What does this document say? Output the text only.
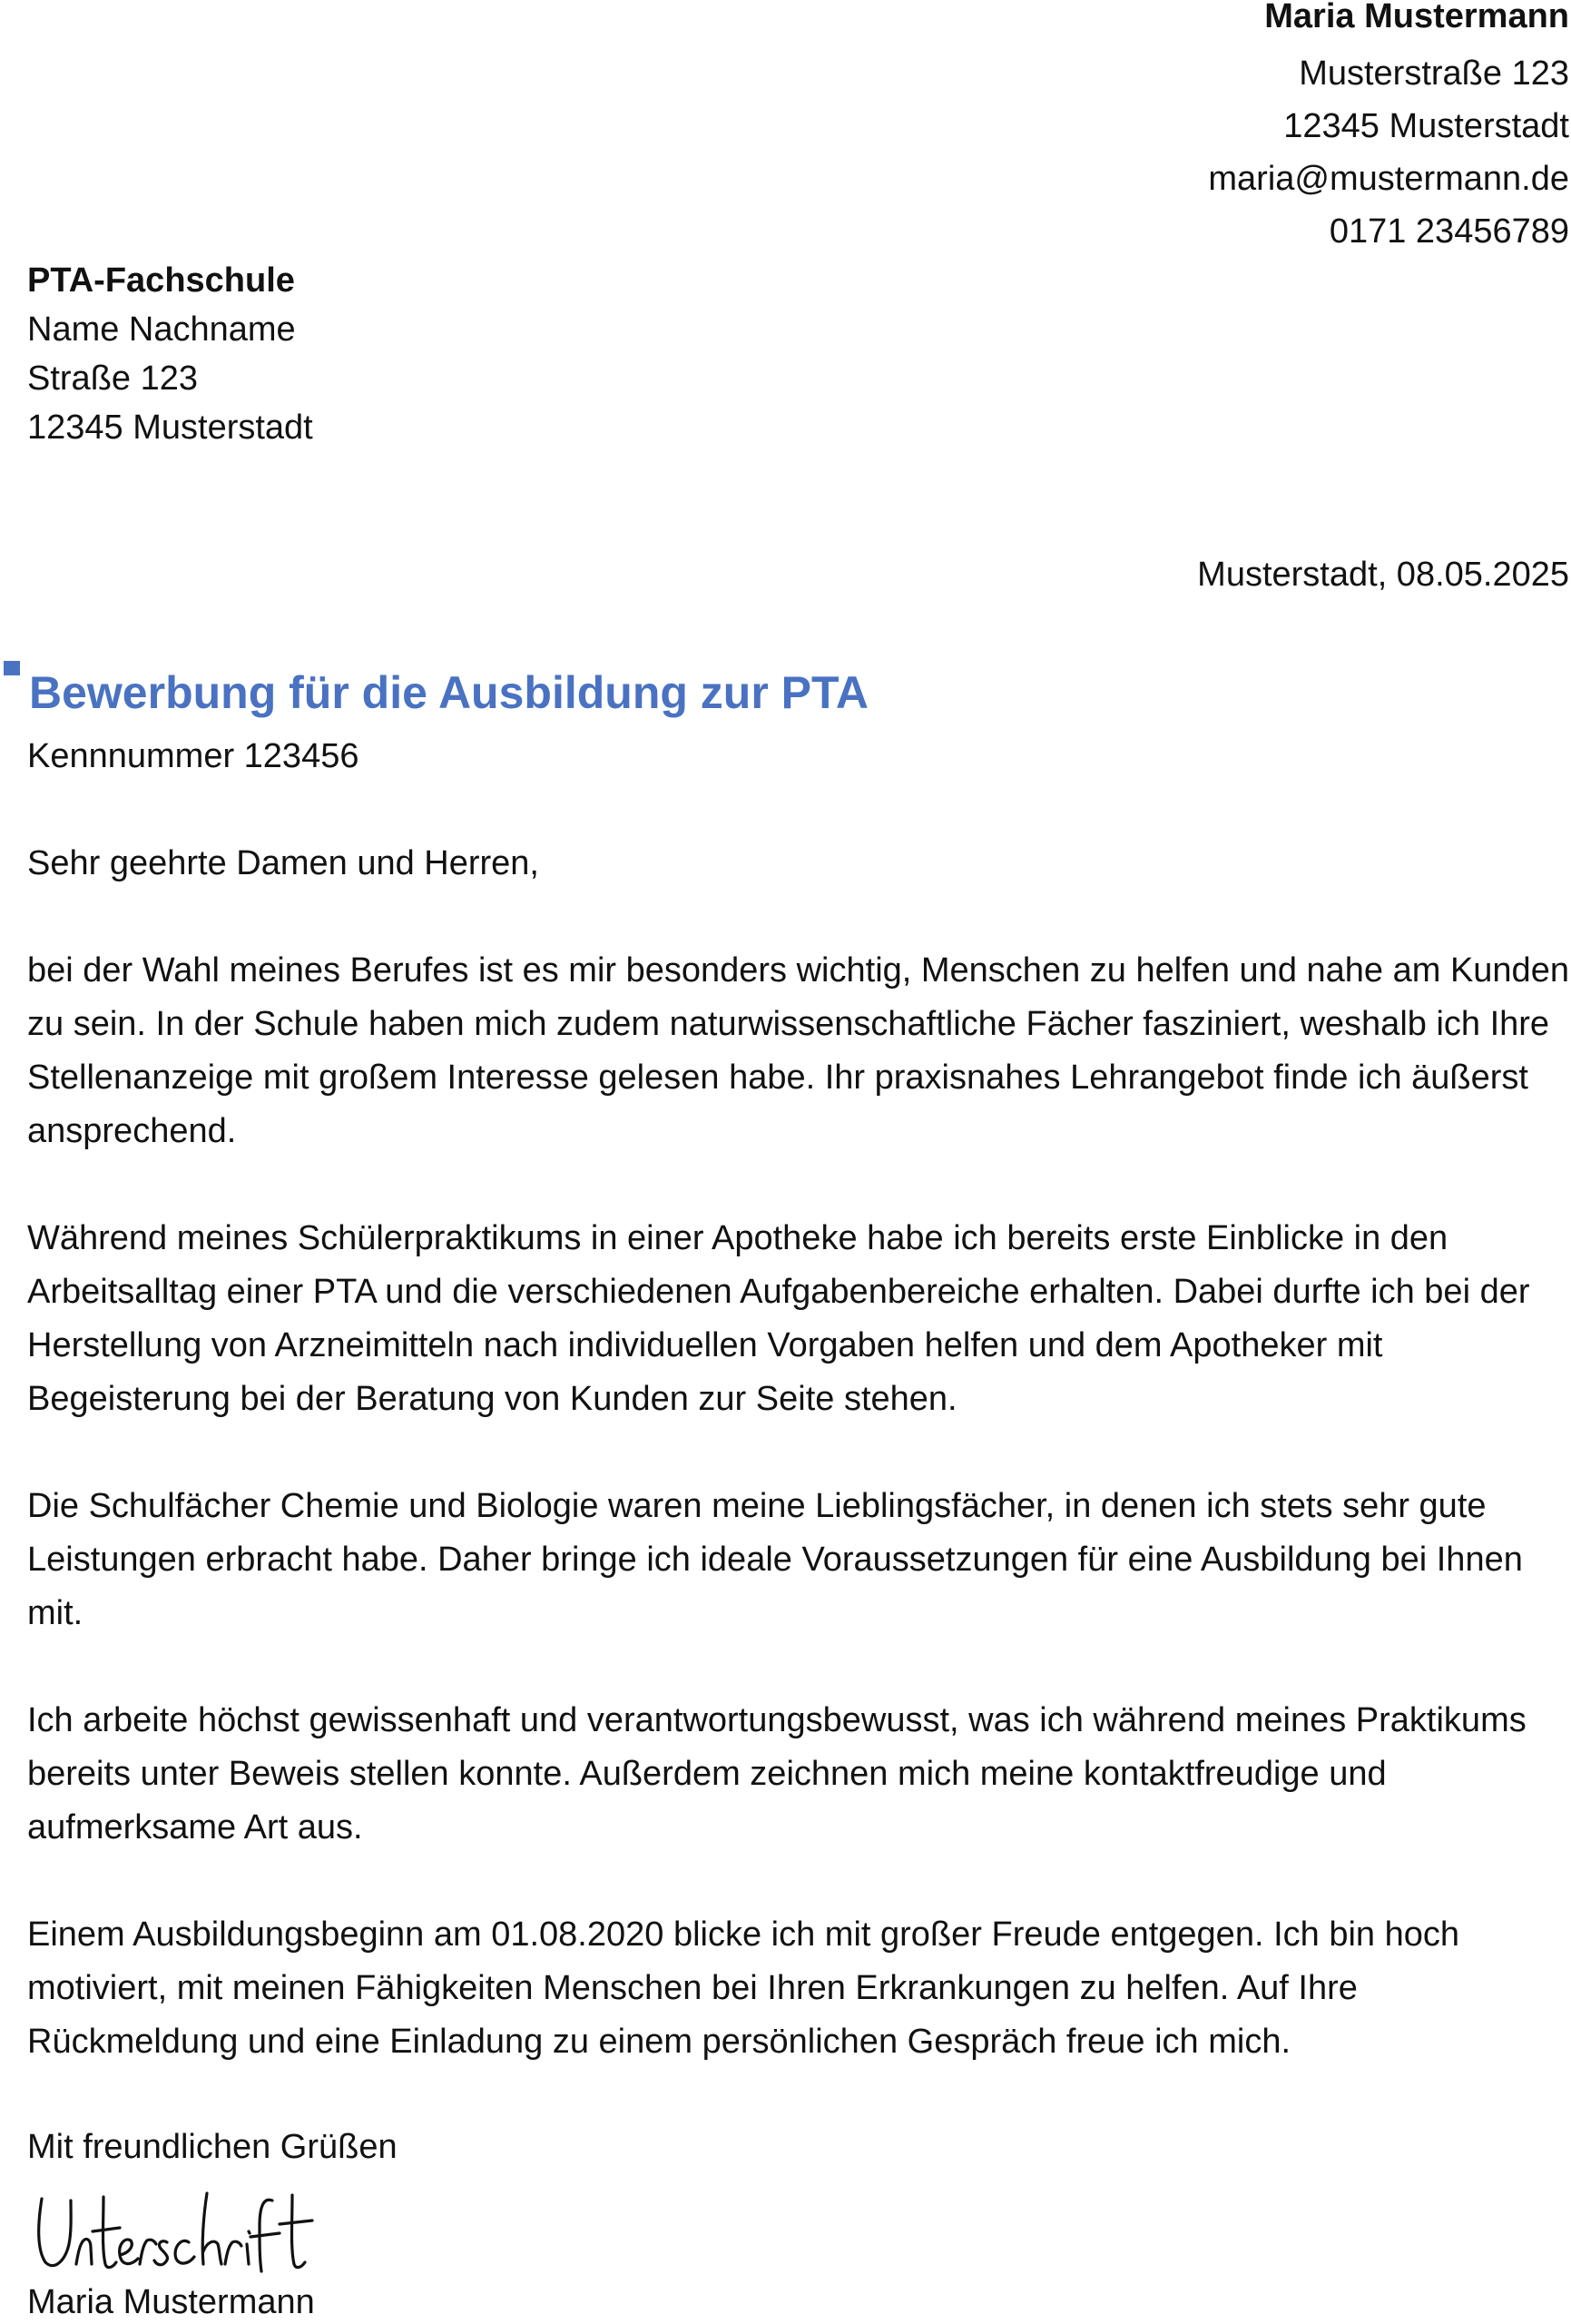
Maria Mustermann
Musterstraße 123
12345 Musterstadt
maria@mustermann.de
0171 23456789
PTA-Fachschule
Name Nachname
Straße 123
12345 Musterstadt
Musterstadt, 08.05.2025
Bewerbung für die Ausbildung zur PTA
Kennnummer 123456

Sehr geehrte Damen und Herren,

bei der Wahl meines Berufes ist es mir besonders wichtig, Menschen zu helfen und nahe am Kunden zu sein. In der Schule haben mich zudem naturwissenschaftliche Fächer fasziniert, weshalb ich Ihre Stellenanzeige mit großem Interesse gelesen habe. Ihr praxisnahes Lehrangebot finde ich äußerst ansprechend.

Während meines Schülerpraktikums in einer Apotheke habe ich bereits erste Einblicke in den Arbeitsalltag einer PTA und die verschiedenen Aufgabenbereiche erhalten. Dabei durfte ich bei der Herstellung von Arzneimitteln nach individuellen Vorgaben helfen und dem Apotheker mit Begeisterung bei der Beratung von Kunden zur Seite stehen.

Die Schulfächer Chemie und Biologie waren meine Lieblingsfächer, in denen ich stets sehr gute Leistungen erbracht habe. Daher bringe ich ideale Voraussetzungen für eine Ausbildung bei Ihnen mit.

Ich arbeite höchst gewissenhaft und verantwortungsbewusst, was ich während meines Praktikums bereits unter Beweis stellen konnte. Außerdem zeichnen mich meine kontaktfreudige und aufmerksame Art aus.

Einem Ausbildungsbeginn am 01.08.2020 blicke ich mit großer Freude entgegen. Ich bin hoch motiviert, mit meinen Fähigkeiten Menschen bei Ihren Erkrankungen zu helfen. Auf Ihre Rückmeldung und eine Einladung zu einem persönlichen Gespräch freue ich mich.

Mit freundlichen Grüßen
Maria Mustermann
